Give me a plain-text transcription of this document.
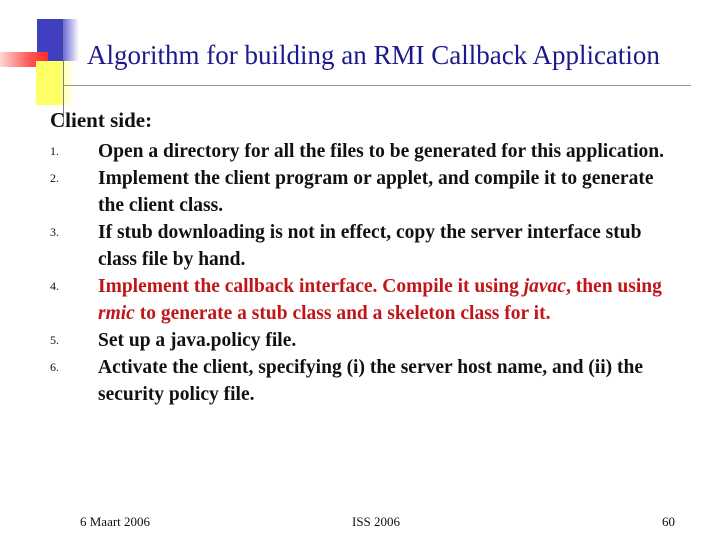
Algorithm for building an RMI Callback Application
Client side:
1. Open a directory for all the files to be generated for this application.
2. Implement the client program or applet, and compile it to generate the client class.
3. If stub downloading is not in effect, copy the server interface stub class file by hand.
4. Implement the callback interface. Compile it using javac, then using rmic to generate a stub class and a skeleton class for it.
5. Set up a java.policy file.
6. Activate the client, specifying (i) the server host name, and (ii) the security policy file.
6 Maart 2006	ISS 2006	60
